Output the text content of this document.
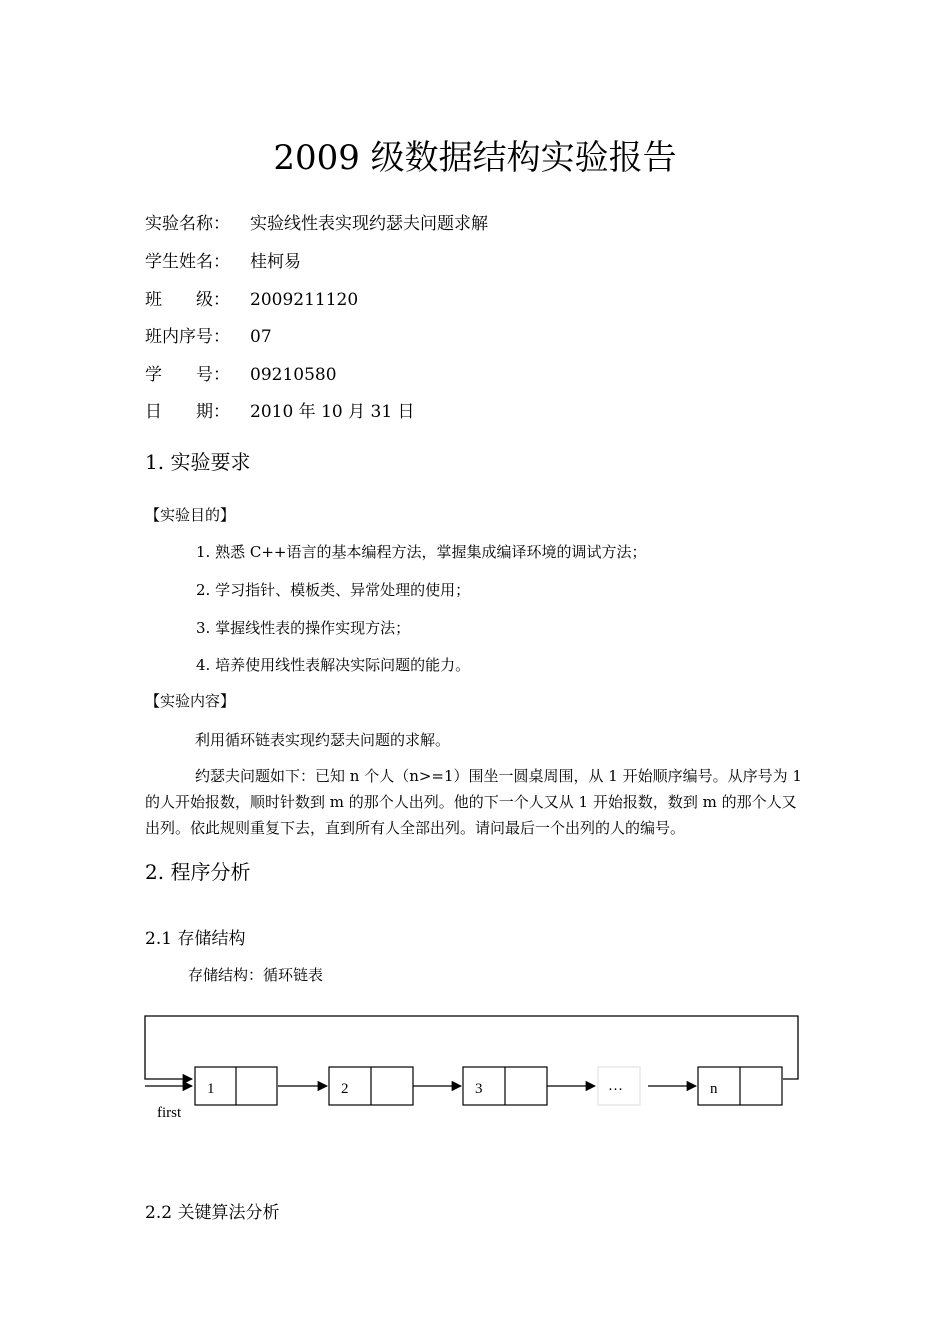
2009 级数据结构实验报告
实验名称： 实验线性表实现约瑟夫问题求解
学生姓名： 桂柯易
班　　级： 2009211120
班内序号： 07
学　　号： 09210580
日　　期： 2010 年 10 月 31 日
1. 实验要求
【实验目的】
1. 熟悉 C++语言的基本编程方法，掌握集成编译环境的调试方法；
2. 学习指针、模板类、异常处理的使用；
3. 掌握线性表的操作实现方法；
4. 培养使用线性表解决实际问题的能力。
【实验内容】
利用循环链表实现约瑟夫问题的求解。
约瑟夫问题如下：已知 n 个人（n>=1）围坐一圆桌周围，从 1 开始顺序编号。从序号为 1 的人开始报数，顺时针数到 m 的那个人出列。他的下一个人又从 1 开始报数，数到 m 的那个人又出列。依此规则重复下去，直到所有人全部出列。请问最后一个出列的人的编号。
2. 程序分析
2.1 存储结构
存储结构：循环链表
first
1	2	3	…	n
2.2 关键算法分析
